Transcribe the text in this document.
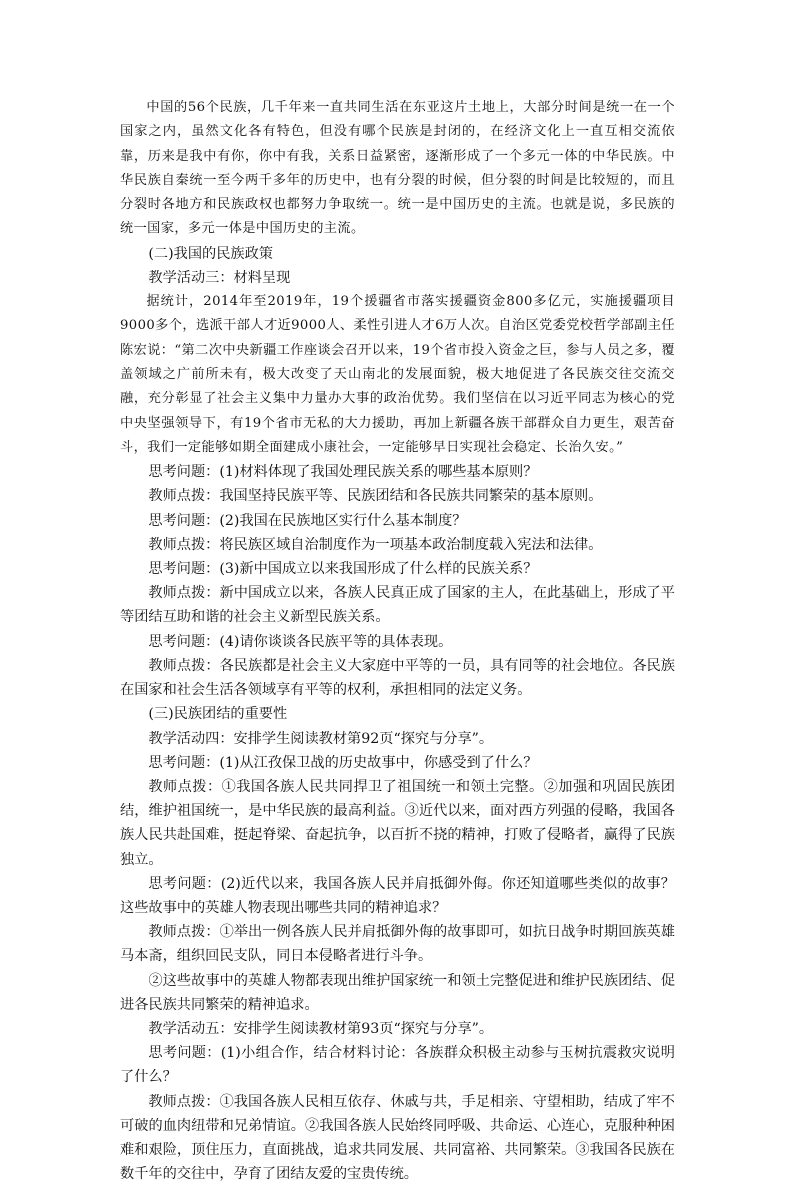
中国的56个民族，几千年来一直共同生活在东亚这片土地上，大部分时间是统一在一个国家之内，虽然文化各有特色，但没有哪个民族是封闭的，在经济文化上一直互相交流依靠，历来是我中有你，你中有我，关系日益紧密，逐渐形成了一个多元一体的中华民族。中华民族自秦统一至今两千多年的历史中，也有分裂的时候，但分裂的时间是比较短的，而且分裂时各地方和民族政权也都努力争取统一。统一是中国历史的主流。也就是说，多民族的统一国家，多元一体是中国历史的主流。

(二)我国的民族政策

教学活动三：材料呈现

据统计，2014年至2019年，19个援疆省市落实援疆资金800多亿元，实施援疆项目9000多个，选派干部人才近9000人、柔性引进人才6万人次。自治区党委党校哲学部副主任陈宏说：“第二次中央新疆工作座谈会召开以来，19个省市投入资金之巨，参与人员之多，覆盖领域之广前所未有，极大改变了天山南北的发展面貌，极大地促进了各民族交往交流交融，充分彰显了社会主义集中力量办大事的政治优势。我们坚信在以习近平同志为核心的党中央坚强领导下，有19个省市无私的大力援助，再加上新疆各族干部群众自力更生，艰苦奋斗，我们一定能够如期全面建成小康社会，一定能够早日实现社会稳定、长治久安。”

思考问题：(1)材料体现了我国处理民族关系的哪些基本原则？

教师点拨：我国坚持民族平等、民族团结和各民族共同繁荣的基本原则。

思考问题：(2)我国在民族地区实行什么基本制度？

教师点拨：将民族区域自治制度作为一项基本政治制度载入宪法和法律。

思考问题：(3)新中国成立以来我国形成了什么样的民族关系？

教师点拨：新中国成立以来，各族人民真正成了国家的主人，在此基础上，形成了平等团结互助和谐的社会主义新型民族关系。

思考问题：(4)请你谈谈各民族平等的具体表现。

教师点拨：各民族都是社会主义大家庭中平等的一员，具有同等的社会地位。各民族在国家和社会生活各领域享有平等的权利，承担相同的法定义务。

(三)民族团结的重要性

教学活动四：安排学生阅读教材第92页“探究与分享”。

思考问题：(1)从江孜保卫战的历史故事中，你感受到了什么？

教师点拨：①我国各族人民共同捍卫了祖国统一和领土完整。②加强和巩固民族团结，维护祖国统一，是中华民族的最高利益。③近代以来，面对西方列强的侵略，我国各族人民共赴国难，挺起脊梁、奋起抗争，以百折不挠的精神，打败了侵略者，赢得了民族独立。

思考问题：(2)近代以来，我国各族人民并肩抵御外侮。你还知道哪些类似的故事？这些故事中的英雄人物表现出哪些共同的精神追求？

教师点拨：①举出一例各族人民并肩抵御外侮的故事即可，如抗日战争时期回族英雄马本斋，组织回民支队，同日本侵略者进行斗争。

②这些故事中的英雄人物都表现出维护国家统一和领土完整促进和维护民族团结、促进各民族共同繁荣的精神追求。

教学活动五：安排学生阅读教材第93页“探究与分享”。

思考问题：(1)小组合作，结合材料讨论：各族群众积极主动参与玉树抗震救灾说明了什么？

教师点拨：①我国各族人民相互依存、休戚与共，手足相亲、守望相助，结成了牢不可破的血肉纽带和兄弟情谊。②我国各族人民始终同呼吸、共命运、心连心，克服种种困难和艰险，顶住压力，直面挑战，追求共同发展、共同富裕、共同繁荣。③我国各民族在数千年的交往中，孕育了团结友爱的宝贵传统。
